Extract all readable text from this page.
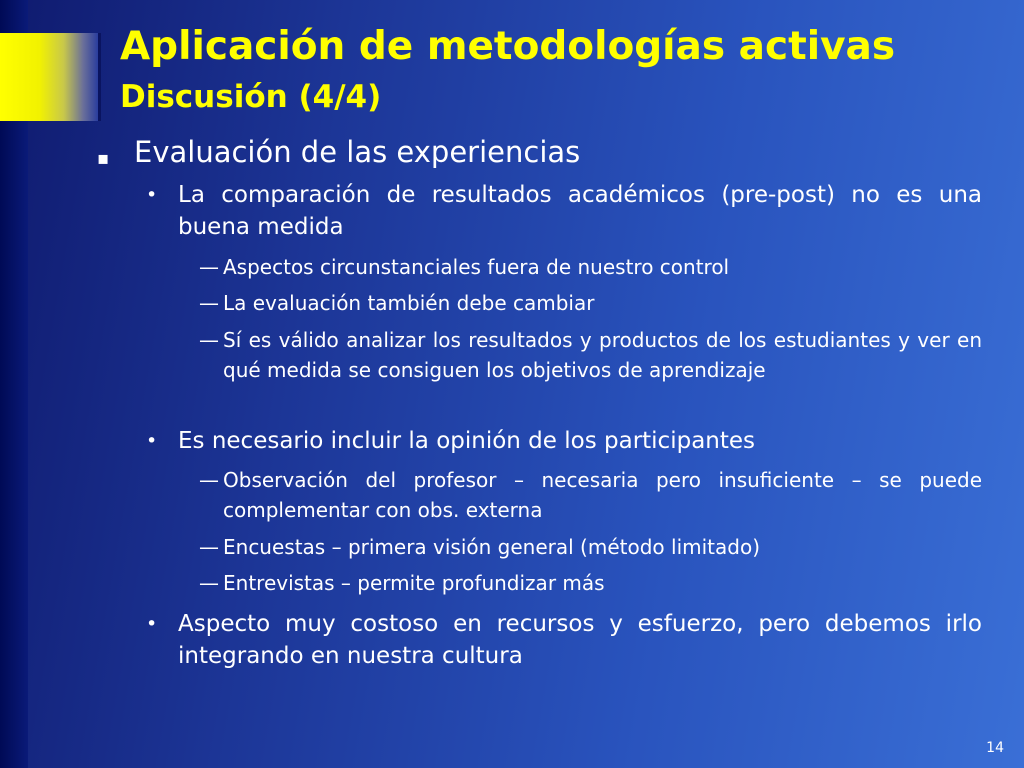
Aplicación de metodologías activas
Discusión (4/4)
▪ Evaluación de las experiencias
• La comparación de resultados académicos (pre-post) no es una buena medida
— Aspectos circunstanciales fuera de nuestro control
— La evaluación también debe cambiar
— Sí es válido analizar los resultados y productos de los estudiantes y ver en qué medida se consiguen los objetivos de aprendizaje
• Es necesario incluir la opinión de los participantes
— Observación del profesor – necesaria pero insuficiente – se puede complementar con obs. externa
— Encuestas – primera visión general (método limitado)
— Entrevistas – permite profundizar más
• Aspecto muy costoso en recursos y esfuerzo, pero debemos irlo integrando en nuestra cultura
14
